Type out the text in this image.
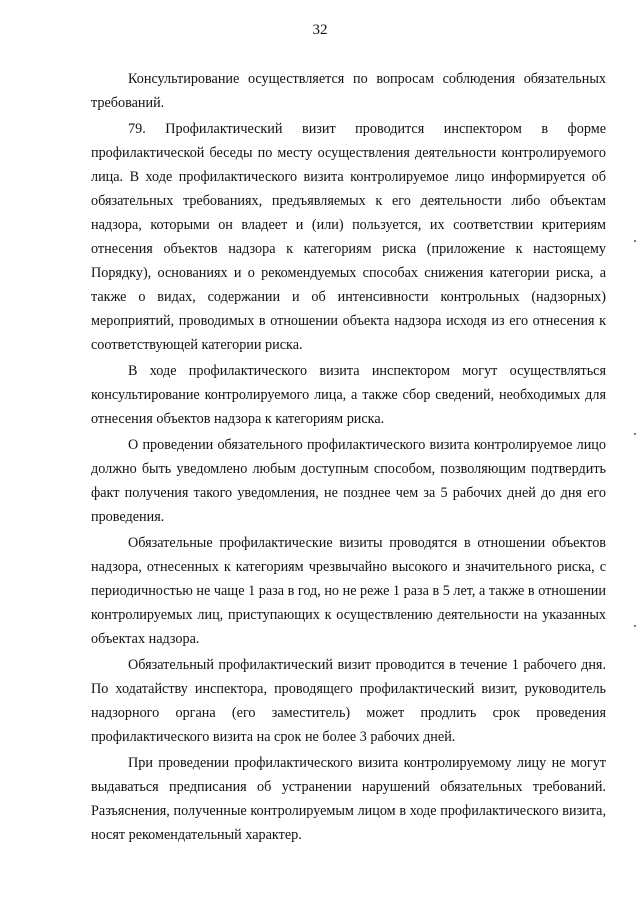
32

Консультирование осуществляется по вопросам соблюдения обязательных требований.

79. Профилактический визит проводится инспектором в форме профилактической беседы по месту осуществления деятельности контролируемого лица. В ходе профилактического визита контролируемое лицо информируется об обязательных требованиях, предъявляемых к его деятельности либо объектам надзора, которыми он владеет и (или) пользуется, их соответствии критериям отнесения объектов надзора к категориям риска (приложение к настоящему Порядку), основаниях и о рекомендуемых способах снижения категории риска, а также о видах, содержании и об интенсивности контрольных (надзорных) мероприятий, проводимых в отношении объекта надзора исходя из его отнесения к соответствующей категории риска.

В ходе профилактического визита инспектором могут осуществляться консультирование контролируемого лица, а также сбор сведений, необходимых для отнесения объектов надзора к категориям риска.

О проведении обязательного профилактического визита контролируемое лицо должно быть уведомлено любым доступным способом, позволяющим подтвердить факт получения такого уведомления, не позднее чем за 5 рабочих дней до дня его проведения.

Обязательные профилактические визиты проводятся в отношении объектов надзора, отнесенных к категориям чрезвычайно высокого и значительного риска, с периодичностью не чаще 1 раза в год, но не реже 1 раза в 5 лет, а также в отношении контролируемых лиц, приступающих к осуществлению деятельности на указанных объектах надзора.

Обязательный профилактический визит проводится в течение 1 рабочего дня. По ходатайству инспектора, проводящего профилактический визит, руководитель надзорного органа (его заместитель) может продлить срок проведения профилактического визита на срок не более 3 рабочих дней.

При проведении профилактического визита контролируемому лицу не могут выдаваться предписания об устранении нарушений обязательных требований. Разъяснения, полученные контролируемым лицом в ходе профилактического визита, носят рекомендательный характер.
